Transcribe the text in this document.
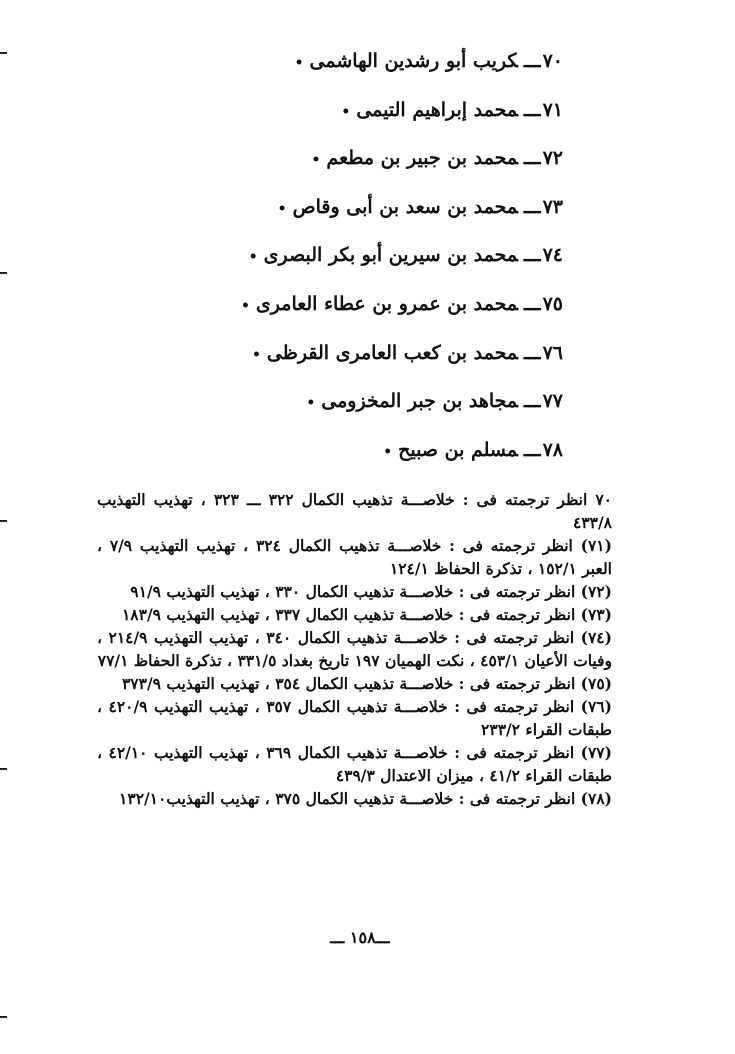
٧٠ـــكريب أبو رشدين الهاشمى•
٧١ـــمحمد إبراهيم التيمى•
٧٢ـــمحمد بن جبير بن مطعم•
٧٣ـــمحمد بن سعد بن أبى وقاص•
٧٤ـــمحمد بن سيرين أبو بكر البصرى•
٧٥ـــمحمد بن عمرو بن عطاء العامرى•
٧٦ـــمحمد بن كعب العامرى القرظى•
٧٧ـــمجاهد بن جبر المخزومى•
٧٨ـــمسلم بن صبيح•
٧٠ انظر ترجمته فى : خلاصـــة تذهيب الكمال ٣٢٢ ـــ ٣٢٣ ، تهذيب التهذيب ٤٣٣/٨
(٧١) انظر ترجمته فى : خلاصـــة تذهيب الكمال ٣٢٤ ، تهذيب التهذيب ٧/٩ ، العبر ١٥٢/١ ، تذكرة الحفاظ ١٢٤/١
(٧٢) انظر ترجمته فى : خلاصـــة تذهيب الكمال ٣٣٠ ، تهذيب التهذيب ٩١/٩
(٧٣) انظر ترجمته فى : خلاصـــة تذهيب الكمال ٣٣٧ ، تهذيب التهذيب ١٨٣/٩
(٧٤) انظر ترجمته فى : خلاصـــة تذهيب الكمال ٣٤٠ ، تهذيب التهذيب ٢١٤/٩ ، وفيات الأعيان ٤٥٣/١ ، نكت الهميان ١٩٧ تاريخ بغداد ٣٣١/٥ ، تذكرة الحفاظ ٧٧/١
(٧٥) انظر ترجمته فى : خلاصـــة تذهيب الكمال ٣٥٤ ، تهذيب التهذيب ٣٧٣/٩
(٧٦) انظر ترجمته فى : خلاصـــة تذهيب الكمال ٣٥٧ ، تهذيب التهذيب ٤٢٠/٩ ، طبقات القراء ٢٣٣/٢
(٧٧) انظر ترجمته فى : خلاصـــة تذهيب الكمال ٣٦٩ ، تهذيب التهذيب ٤٢/١٠ ، طبقات القراء ٤١/٢ ، ميزان الاعتدال ٤٣٩/٣
(٧٨) انظر ترجمته فى : خلاصـــة تذهيب الكمال ٣٧٥ ، تهذيب التهذيب١٣٢/١٠
ـــ١٥٨ ـــ
